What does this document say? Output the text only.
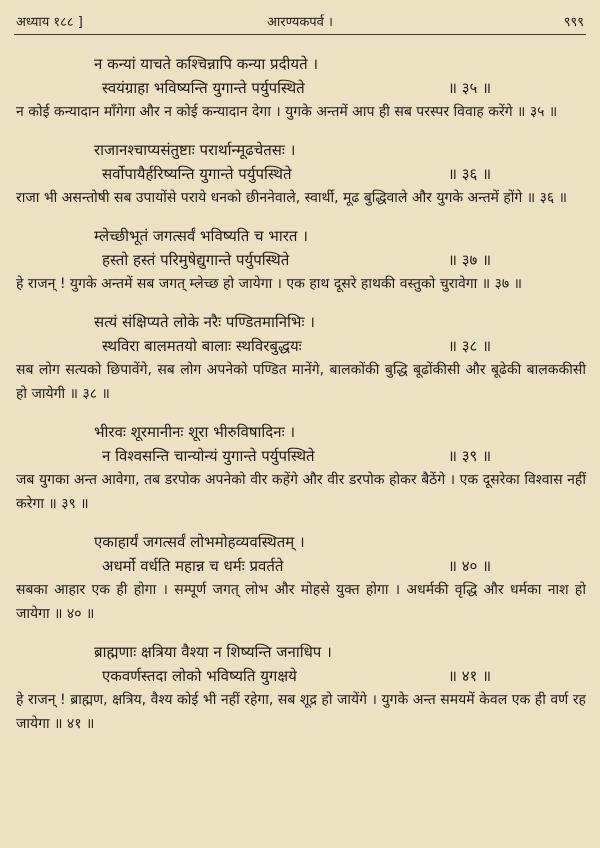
अध्याय १८८ ]	आरण्यकपर्व ।	९९९
न कन्यां याचते कश्चिन्नापि कन्या प्रदीयते ।
स्वयंग्राहा भविष्यन्ति युगान्ते पर्युपस्थिते	॥ ३५ ॥
न कोई कन्यादान माँगेगा और न कोई कन्यादान देगा । युगके अन्तमें आप ही सब परस्पर विवाह करेंगे ॥ ३५ ॥
राजानश्चाप्यसंतुष्टाः परार्थान्मूढचेतसः ।
सर्वोपायैर्हरिष्यन्ति युगान्ते पर्युपस्थिते	॥ ३६ ॥
राजा भी असन्तोषी सब उपायोंसे पराये धनको छीननेवाले, स्वार्थी, मूढ बुद्धिवाले और युगके अन्तमें होंगे ॥ ३६ ॥
म्लेच्छीभूतं जगत्सर्वं भविष्यति च भारत ।
हस्तो हस्तं परिमुषेद्युगान्ते पर्युपस्थिते	॥ ३७ ॥
हे राजन् ! युगके अन्तमें सब जगत् म्लेच्छ हो जायेगा । एक हाथ दूसरे हाथकी वस्तुको चुरावेगा ॥ ३७ ॥
सत्यं संक्षिप्यते लोके नरैः पण्डितमानिभिः ।
स्थविरा बालमतयो बालाः स्थविरबुद्धयः	॥ ३८ ॥
सब लोग सत्यको छिपावेंगे, सब लोग अपनेको पण्डित मानेंगे, बालकोंकी बुद्धि बूढोंकीसी और बूढेकी बालककीसी हो जायेगी ॥ ३८ ॥
भीरवः शूरमानीनः शूरा भीरुविषादिनः ।
न विश्वसन्ति चान्योन्यं युगान्ते पर्युपस्थिते	॥ ३९ ॥
जब युगका अन्त आवेगा, तब डरपोक अपनेको वीर कहेंगे और वीर डरपोक होकर बैठेंगे । एक दूसरेका विश्वास नहीं करेगा ॥ ३९ ॥
एकाहार्यं जगत्सर्वं लोभमोहव्यवस्थितम् ।
अधर्मो वर्धति महान्न च धर्मः प्रवर्तते	॥ ४० ॥
सबका आहार एक ही होगा । सम्पूर्ण जगत् लोभ और मोहसे युक्त होगा । अधर्मकी वृद्धि और धर्मका नाश हो जायेगा ॥ ४० ॥
ब्राह्मणाः क्षत्रिया वैश्या न शिष्यन्ति जनाधिप ।
एकवर्णस्तदा लोको भविष्यति युगक्षये	॥ ४१ ॥
हे राजन् ! ब्राह्मण, क्षत्रिय, वैश्य कोई भी नहीं रहेगा, सब शूद्र हो जायेंगे । युगके अन्त समयमें केवल एक ही वर्ण रह जायेगा ॥ ४१ ॥
